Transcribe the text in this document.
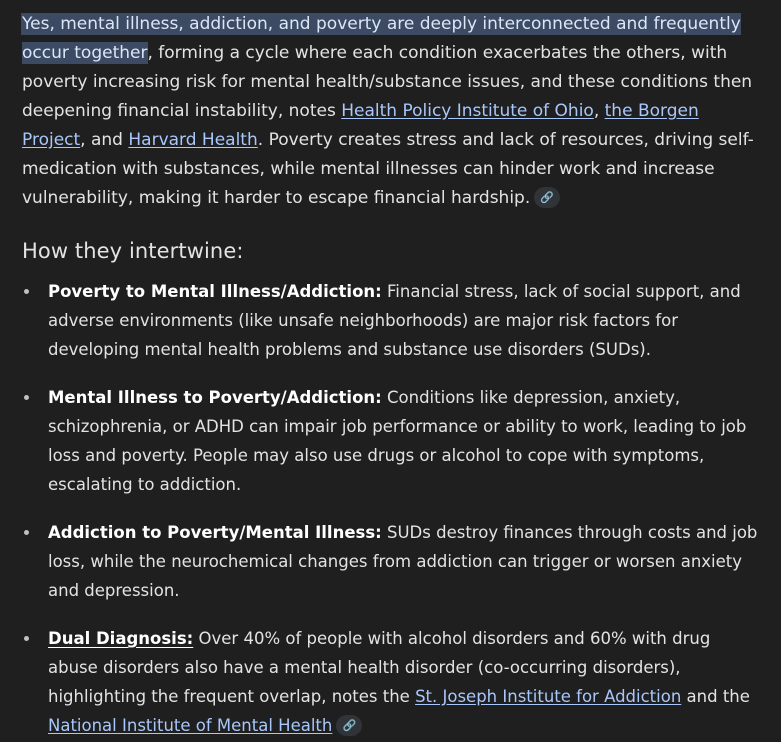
Yes, mental illness, addiction, and poverty are deeply interconnected and frequently occur together, forming a cycle where each condition exacerbates the others, with poverty increasing risk for mental health/substance issues, and these conditions then deepening financial instability, notes Health Policy Institute of Ohio, the Borgen Project, and Harvard Health. Poverty creates stress and lack of resources, driving self-medication with substances, while mental illnesses can hinder work and increase vulnerability, making it harder to escape financial hardship. 🔗

How they intertwine:
Poverty to Mental Illness/Addiction: Financial stress, lack of social support, and adverse environments (like unsafe neighborhoods) are major risk factors for developing mental health problems and substance use disorders (SUDs).
Mental Illness to Poverty/Addiction: Conditions like depression, anxiety, schizophrenia, or ADHD can impair job performance or ability to work, leading to job loss and poverty. People may also use drugs or alcohol to cope with symptoms, escalating to addiction.
Addiction to Poverty/Mental Illness: SUDs destroy finances through costs and job loss, while the neurochemical changes from addiction can trigger or worsen anxiety and depression.
Dual Diagnosis: Over 40% of people with alcohol disorders and 60% with drug abuse disorders also have a mental health disorder (co-occurring disorders), highlighting the frequent overlap, notes the St. Joseph Institute for Addiction and the National Institute of Mental Health 🔗
